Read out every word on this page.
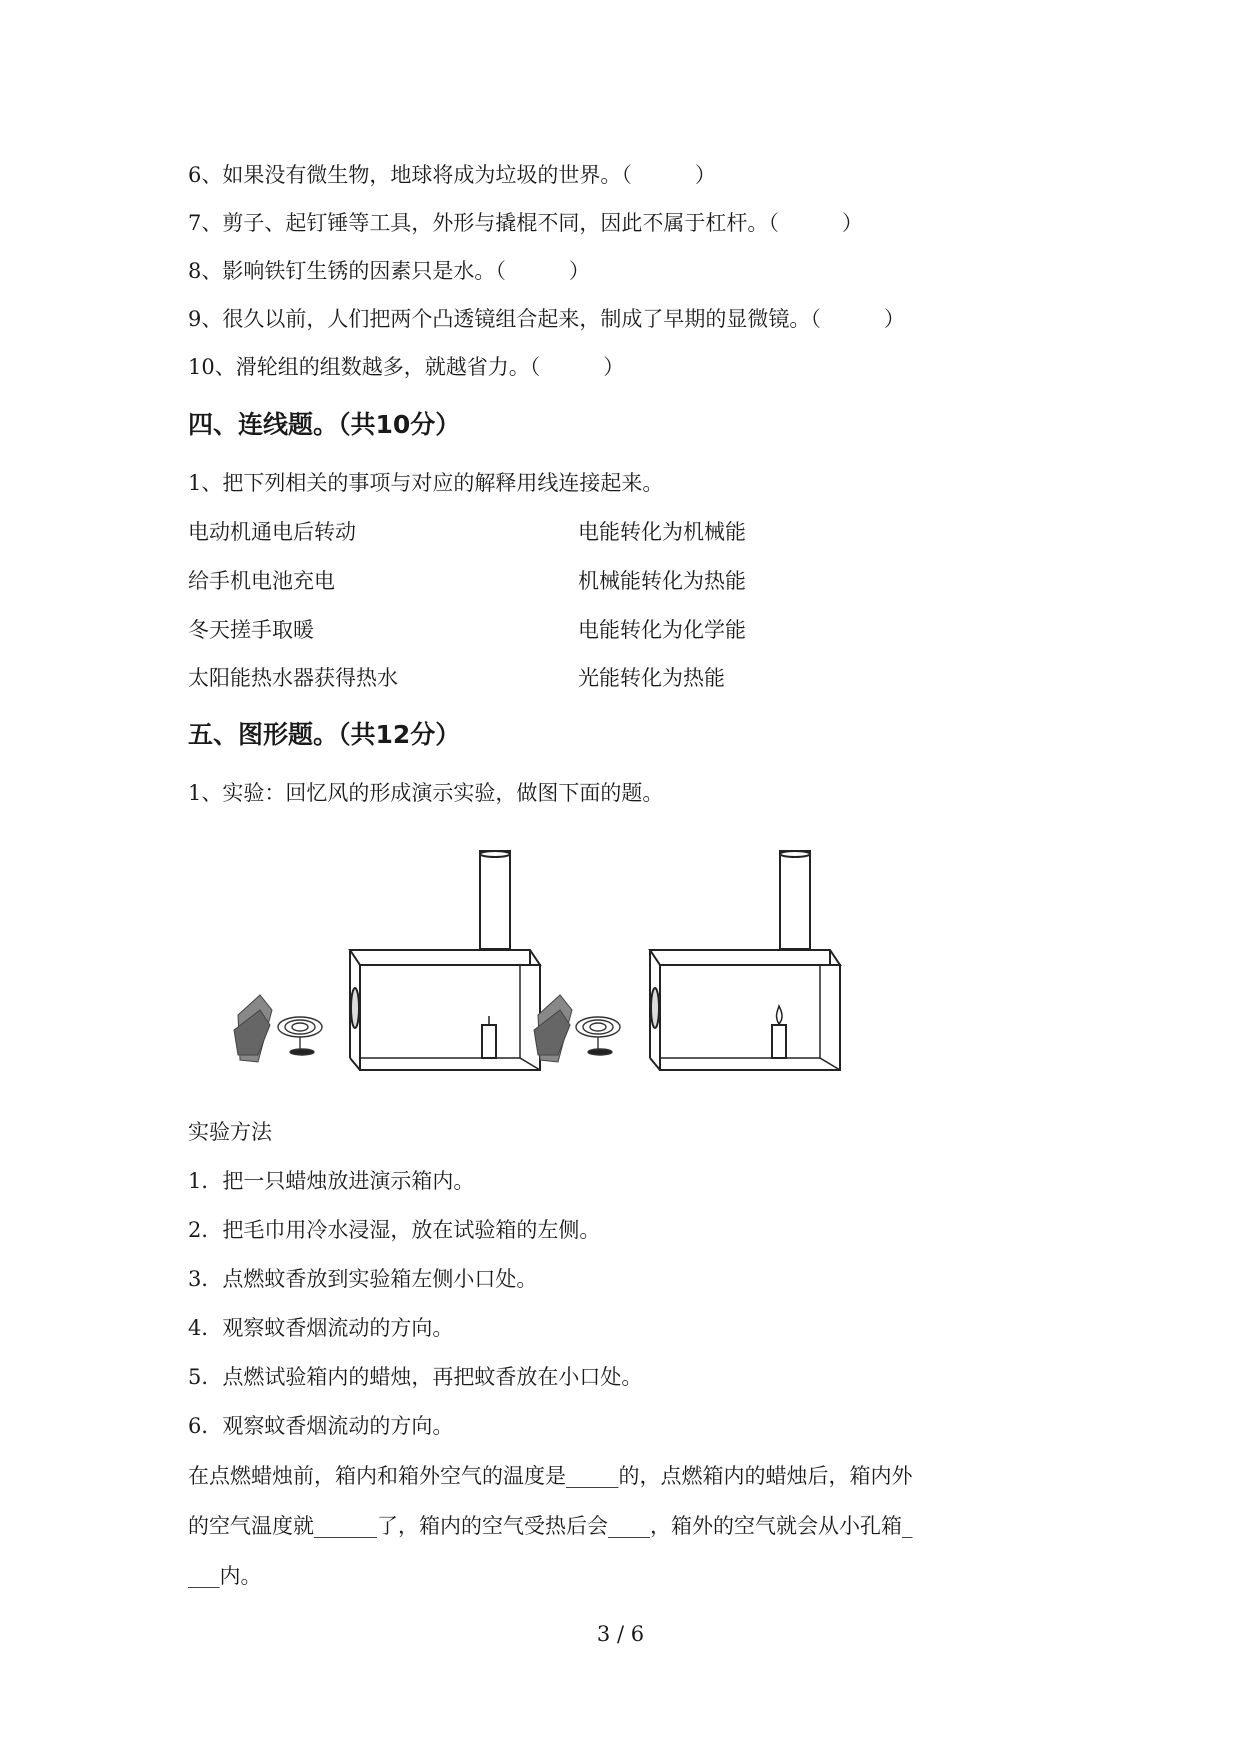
6、如果没有微生物，地球将成为垃圾的世界。（　　　）
7、剪子、起钉锤等工具，外形与撬棍不同，因此不属于杠杆。（　　　）
8、影响铁钉生锈的因素只是水。（　　　）
9、很久以前，人们把两个凸透镜组合起来，制成了早期的显微镜。（　　　）
10、滑轮组的组数越多，就越省力。（　　　）
四、连线题。（共10分）
1、把下列相关的事项与对应的解释用线连接起来。
电动机通电后转动	电能转化为机械能
给手机电池充电	机械能转化为热能
冬天搓手取暖	电能转化为化学能
太阳能热水器获得热水	光能转化为热能
五、图形题。（共12分）
1、实验：回忆风的形成演示实验，做图下面的题。
实验方法
1．把一只蜡烛放进演示箱内。
2．把毛巾用冷水浸湿，放在试验箱的左侧。
3．点燃蚊香放到实验箱左侧小口处。
4．观察蚊香烟流动的方向。
5．点燃试验箱内的蜡烛，再把蚊香放在小口处。
6．观察蚊香烟流动的方向。
在点燃蜡烛前，箱内和箱外空气的温度是_____的，点燃箱内的蜡烛后，箱内外
的空气温度就______了，箱内的空气受热后会____，箱外的空气就会从小孔箱_
___内。
3 / 6
